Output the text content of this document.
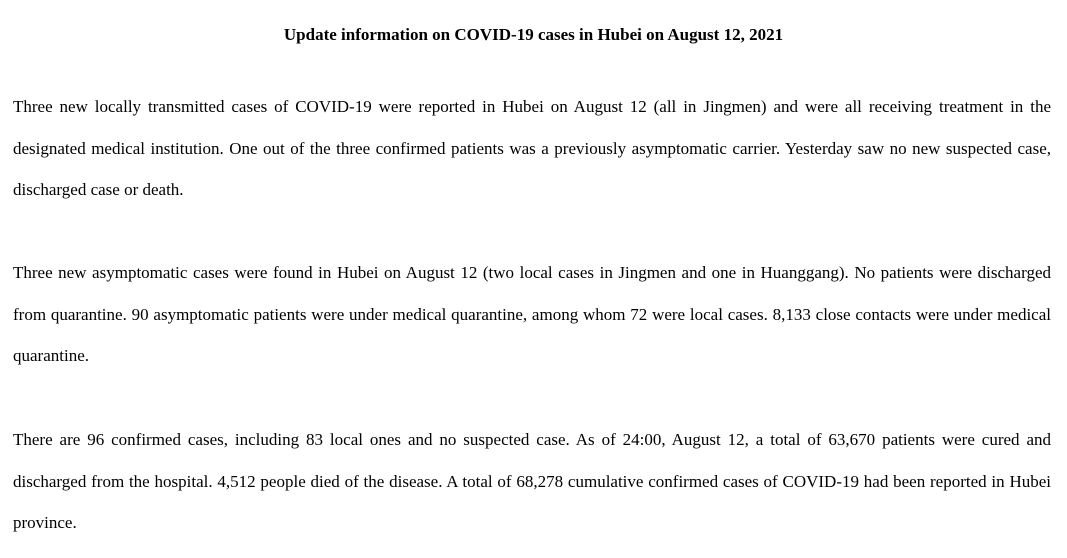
Update information on COVID-19 cases in Hubei on August 12, 2021

Three new locally transmitted cases of COVID-19 were reported in Hubei on August 12 (all in Jingmen) and were all receiving treatment in the designated medical institution. One out of the three confirmed patients was a previously asymptomatic carrier. Yesterday saw no new suspected case, discharged case or death.

Three new asymptomatic cases were found in Hubei on August 12 (two local cases in Jingmen and one in Huanggang). No patients were discharged from quarantine. 90 asymptomatic patients were under medical quarantine, among whom 72 were local cases. 8,133 close contacts were under medical quarantine.

There are 96 confirmed cases, including 83 local ones and no suspected case. As of 24:00, August 12, a total of 63,670 patients were cured and discharged from the hospital. 4,512 people died of the disease. A total of 68,278 cumulative confirmed cases of COVID-19 had been reported in Hubei province.
